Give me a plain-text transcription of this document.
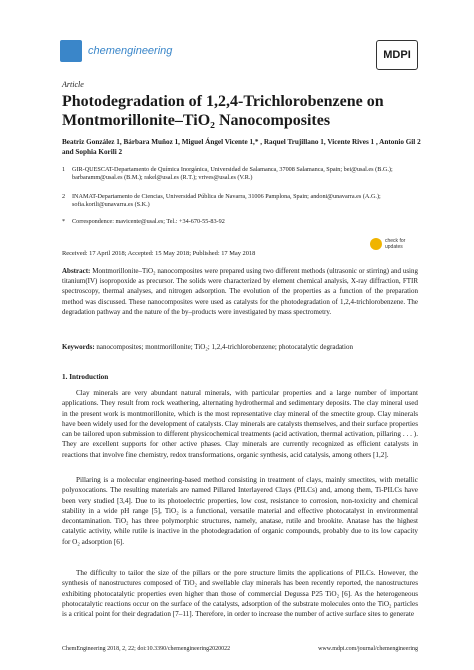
chemengineering	MDPI
Article
Photodegradation of 1,2,4-Trichlorobenzene on Montmorillonite–TiO₂ Nanocomposites
Beatriz González 1, Bárbara Muñoz 1, Miguel Ángel Vicente 1,* , Raquel Trujillano 1, Vicente Rives 1 , Antonio Gil 2 and Sophia Korili 2
1 GIR-QUESCAT-Departamento de Química Inorgánica, Universidad de Salamanca, 37008 Salamanca, Spain; bei@usal.es (B.G.); barbaramm@usal.es (B.M.); rakel@usal.es (R.T.); vrives@usal.es (V.R.)
2 INAMAT-Departamento de Ciencias, Universidad Pública de Navarra, 31006 Pamplona, Spain; andoni@unavarra.es (A.G.); sofia.korili@unavarra.es (S.K.)
* Correspondence: mavicente@usal.es; Tel.: +34-670-55-83-92
Received: 17 April 2018; Accepted: 15 May 2018; Published: 17 May 2018
check for updates
Abstract: Montmorillonite–TiO₂ nanocomposites were prepared using two different methods (ultrasonic or stirring) and using titanium(IV) isopropoxide as precursor. The solids were characterized by element chemical analysis, X-ray diffraction, FTIR spectroscopy, thermal analyses, and nitrogen adsorption. The evolution of the properties as a function of the preparation method was discussed. These nanocomposites were used as catalysts for the photodegradation of 1,2,4-trichlorobenzene. The degradation pathway and the nature of the by–products were investigated by mass spectrometry.
Keywords: nanocomposites; montmorillonite; TiO₂; 1,2,4-trichlorobenzene; photocatalytic degradation
1. Introduction
Clay minerals are very abundant natural minerals, with particular properties and a large number of important applications. They result from rock weathering, alternating hydrothermal and sedimentary deposits. The clay mineral used in the present work is montmorillonite, which is the most representative clay mineral of the smectite group. Clay minerals have been widely used for the development of catalysts. Clay minerals are catalysts themselves, and their surface properties can be tailored upon submission to different physicochemical treatments (acid activation, thermal activation, pillaring . . . ). They are excellent supports for other active phases. Clay minerals are currently recognized as efficient catalysts in reactions that involve fine chemistry, redox transformations, organic synthesis, acid catalysis, among others [1,2].
Pillaring is a molecular engineering-based method consisting in treatment of clays, mainly smectites, with metallic polyoxocations. The resulting materials are named Pillared Interlayered Clays (PILCs) and, among them, Ti-PILCs have been very studied [3,4]. Due to its photoelectric properties, low cost, resistance to corrosion, non-toxicity and chemical stability in a wide pH range [5], TiO₂ is a functional, versatile material and effective photocatalyst in environmental decontamination. TiO₂ has three polymorphic structures, namely, anatase, rutile and brookite. Anatase has the highest catalytic activity, while rutile is inactive in the photodegradation of organic compounds, probably due to its low capacity for O₂ adsorption [6].
The difficulty to tailor the size of the pillars or the pore structure limits the applications of PILCs. However, the synthesis of nanostructures composed of TiO₂ and swellable clay minerals has been recently reported, the nanostructures exhibiting photocatalytic properties even higher than those of commercial Degussa P25 TiO₂ [6]. As the heterogeneous photocatalytic reactions occur on the surface of the catalysts, adsorption of the substrate molecules onto the TiO₂ particles is a critical point for their degradation [7–11]. Therefore, in order to increase the number of active surface sites to generate
ChemEngineering 2018, 2, 22; doi:10.3390/chemengineering2020022	www.mdpi.com/journal/chemengineering
